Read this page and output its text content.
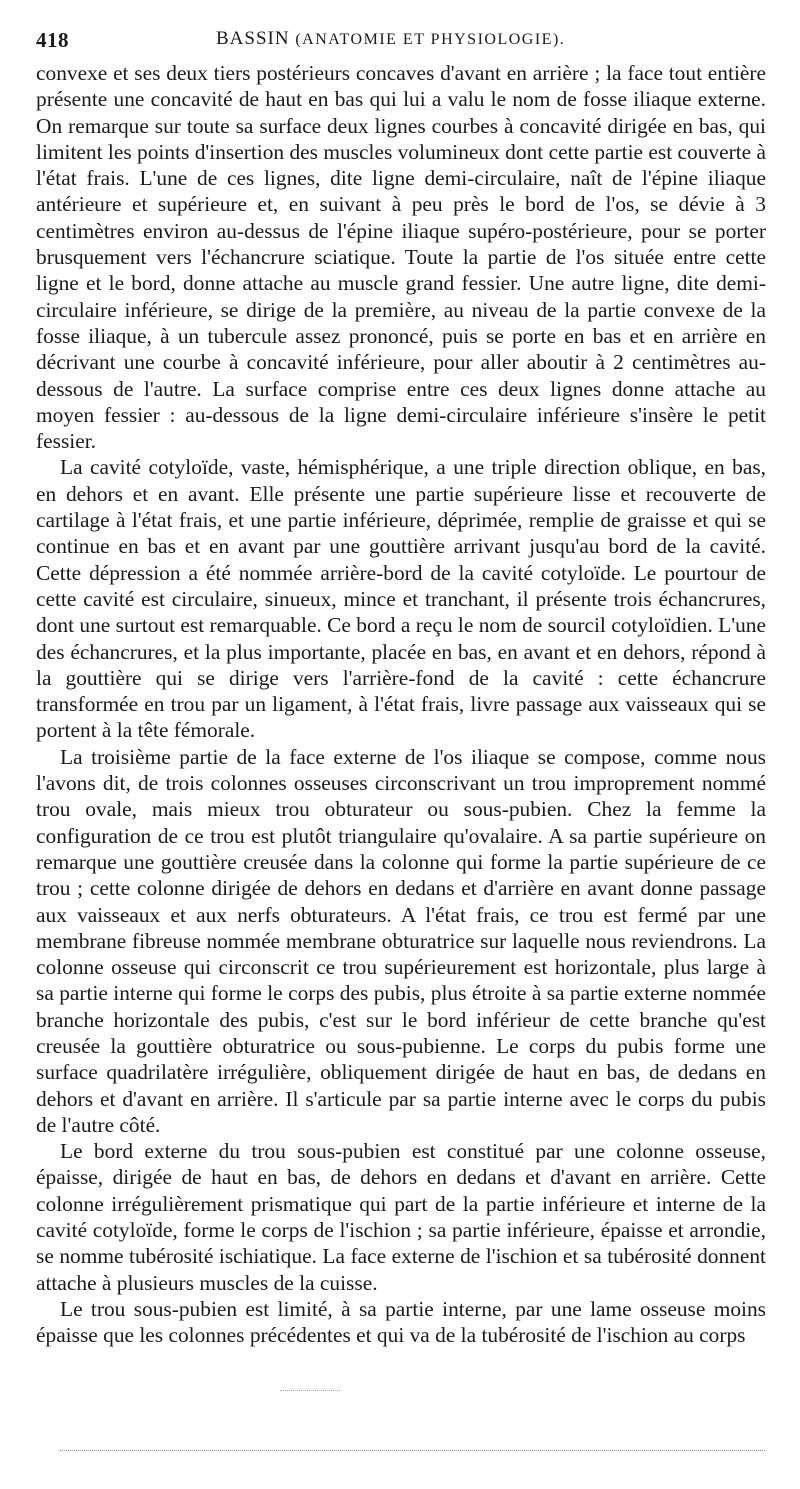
418	BASSIN (ANATOMIE ET PHYSIOLOGIE).

convexe et ses deux tiers postérieurs concaves d'avant en arrière ; la face tout entière présente une concavité de haut en bas qui lui a valu le nom de fosse iliaque externe. On remarque sur toute sa surface deux lignes courbes à concavité dirigée en bas, qui limitent les points d'insertion des muscles volumineux dont cette partie est couverte à l'état frais. L'une de ces lignes, dite ligne demi-circulaire, naît de l'épine iliaque antérieure et supérieure et, en suivant à peu près le bord de l'os, se dévie à 3 centimètres environ au-dessus de l'épine iliaque supéro-postérieure, pour se porter brusquement vers l'échancrure sciatique. Toute la partie de l'os située entre cette ligne et le bord, donne attache au muscle grand fessier. Une autre ligne, dite demi-circulaire inférieure, se dirige de la première, au niveau de la partie convexe de la fosse iliaque, à un tubercule assez prononcé, puis se porte en bas et en arrière en décrivant une courbe à concavité inférieure, pour aller aboutir à 2 centimètres au-dessous de l'autre. La surface comprise entre ces deux lignes donne attache au moyen fessier : au-dessous de la ligne demi-circulaire inférieure s'insère le petit fessier.

La cavité cotyloïde, vaste, hémisphérique, a une triple direction oblique, en bas, en dehors et en avant. Elle présente une partie supérieure lisse et recouverte de cartilage à l'état frais, et une partie inférieure, déprimée, remplie de graisse et qui se continue en bas et en avant par une gouttière arrivant jusqu'au bord de la cavité. Cette dépression a été nommée arrière-bord de la cavité cotyloïde. Le pourtour de cette cavité est circulaire, sinueux, mince et tranchant, il présente trois échancrures, dont une surtout est remarquable. Ce bord a reçu le nom de sourcil cotyloïdien. L'une des échancrures, et la plus importante, placée en bas, en avant et en dehors, répond à la gouttière qui se dirige vers l'arrière-fond de la cavité : cette échancrure transformée en trou par un ligament, à l'état frais, livre passage aux vaisseaux qui se portent à la tête fémorale.

La troisième partie de la face externe de l'os iliaque se compose, comme nous l'avons dit, de trois colonnes osseuses circonscrivant un trou improprement nommé trou ovale, mais mieux trou obturateur ou sous-pubien. Chez la femme la configuration de ce trou est plutôt triangulaire qu'ovalaire. A sa partie supérieure on remarque une gouttière creusée dans la colonne qui forme la partie supérieure de ce trou ; cette colonne dirigée de dehors en dedans et d'arrière en avant donne passage aux vaisseaux et aux nerfs obturateurs. A l'état frais, ce trou est fermé par une membrane fibreuse nommée membrane obturatrice sur laquelle nous reviendrons. La colonne osseuse qui circonscrit ce trou supérieurement est horizontale, plus large à sa partie interne qui forme le corps des pubis, plus étroite à sa partie externe nommée branche horizontale des pubis, c'est sur le bord inférieur de cette branche qu'est creusée la gouttière obturatrice ou sous-pubienne. Le corps du pubis forme une surface quadrilatère irrégulière, obliquement dirigée de haut en bas, de dedans en dehors et d'avant en arrière. Il s'articule par sa partie interne avec le corps du pubis de l'autre côté.

Le bord externe du trou sous-pubien est constitué par une colonne osseuse, épaisse, dirigée de haut en bas, de dehors en dedans et d'avant en arrière. Cette colonne irrégulièrement prismatique qui part de la partie inférieure et interne de la cavité cotyloïde, forme le corps de l'ischion ; sa partie inférieure, épaisse et arrondie, se nomme tubérosité ischiatique. La face externe de l'ischion et sa tubérosité donnent attache à plusieurs muscles de la cuisse.

Le trou sous-pubien est limité, à sa partie interne, par une lame osseuse moins épaisse que les colonnes précédentes et qui va de la tubérosité de l'ischion au corps
